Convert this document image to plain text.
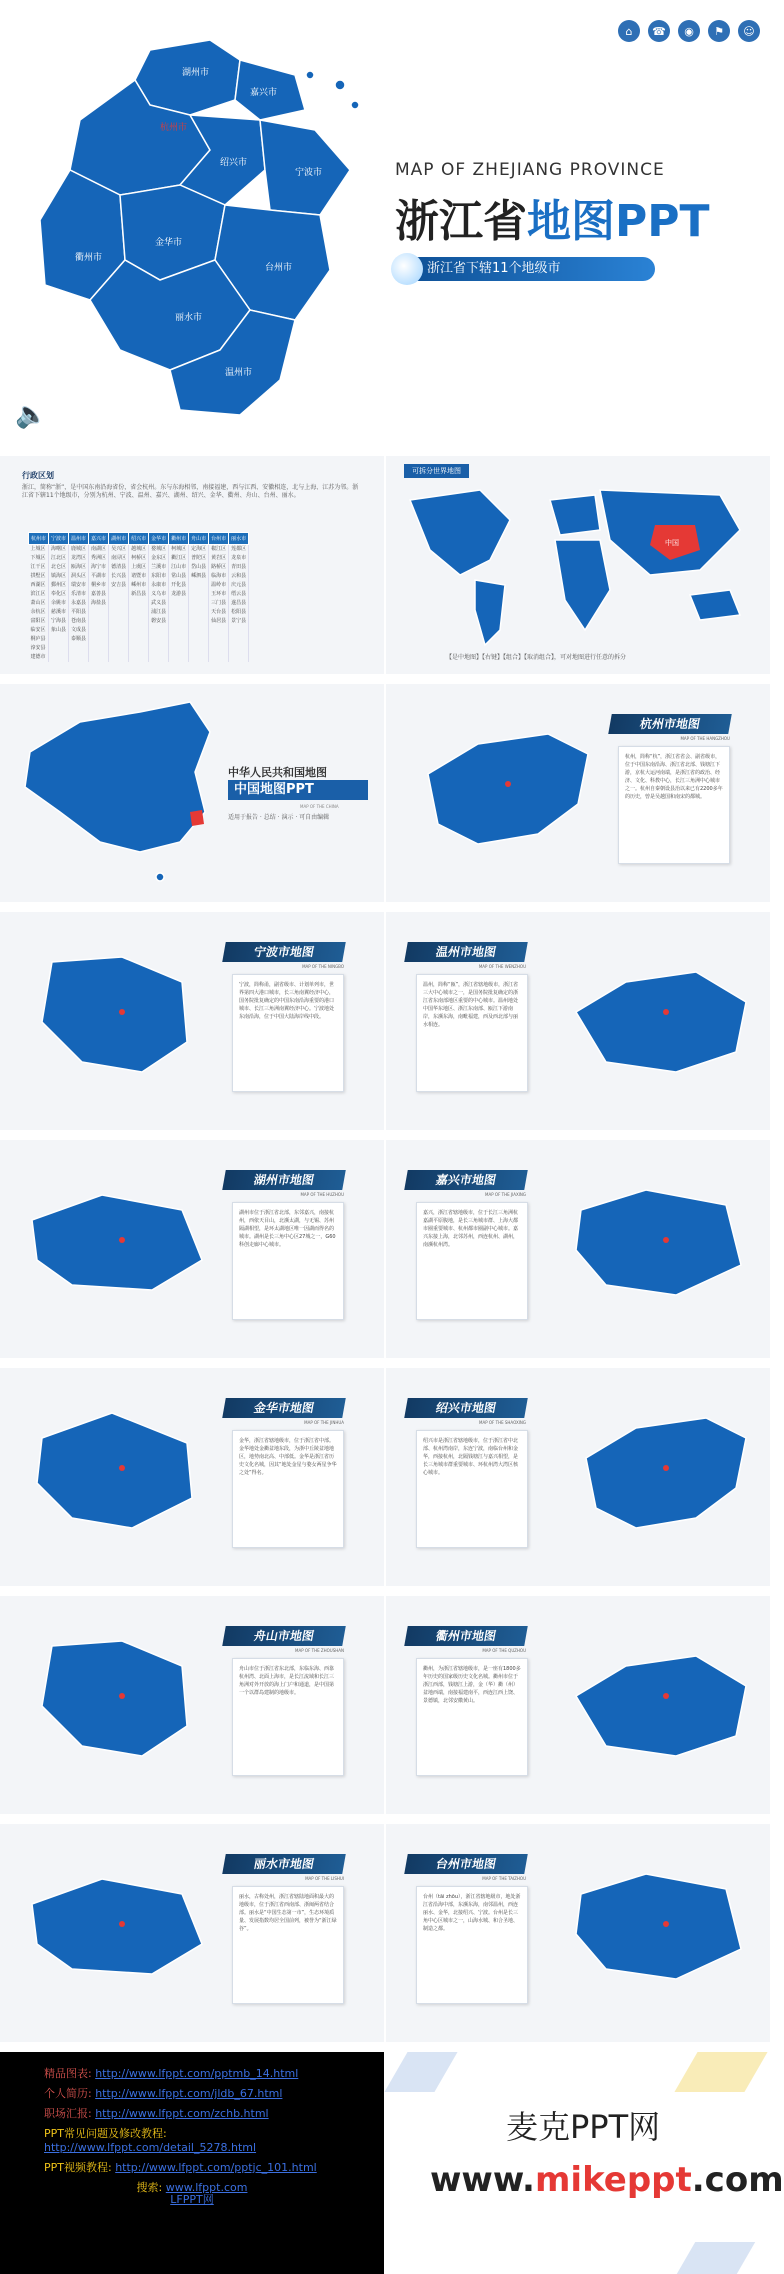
⌂	☎	◉	⚑	☺
湖州市
嘉兴市
杭州市
绍兴市
宁波市
衢州市
金华市
台州市
丽水市
温州市
MAP OF ZHEJIANG PROVINCE
浙江省地图PPT
浙江省下辖11个地级市
🔈
行政区划
浙江，简称“浙”，是中国东南沿海省份，省会杭州。东与东海相邻，南接福建，西与江西、安徽相连，北与上海、江苏为邻。浙江省下辖11个地级市，分别为杭州、宁波、温州、嘉兴、湖州、绍兴、金华、衢州、舟山、台州、丽水。
杭州市	宁波市	温州市	嘉兴市	湖州市	绍兴市	金华市	衢州市	舟山市	台州市	丽水市
上城区	海曙区	鹿城区	南湖区	吴兴区	越城区	婺城区	柯城区	定海区	椒江区	莲都区
下城区	江北区	龙湾区	秀洲区	南浔区	柯桥区	金东区	衢江区	普陀区	黄岩区	龙泉市
江干区	北仑区	瓯海区	海宁市	德清县	上虞区	兰溪市	江山市	岱山县	路桥区	青田县
拱墅区	镇海区	洞头区	平湖市	长兴县	诸暨市	东阳市	常山县	嵊泗县	临海市	云和县
西湖区	鄞州区	瑞安市	桐乡市	安吉县	嵊州市	永康市	开化县		温岭市	庆元县
滨江区	奉化区	乐清市	嘉善县		新昌县	义乌市	龙游县		玉环市	缙云县
萧山区	余姚市	永嘉县	海盐县			武义县			三门县	遂昌县
余杭区	慈溪市	平阳县				浦江县			天台县	松阳县
富阳区	宁海县	苍南县				磐安县			仙居县	景宁县
临安区	象山县	文成县								
桐庐县		泰顺县								
淳安县										
建德市										
可拆分世界地图
中国
【是中地图】【右键】【组合】【取消组合】，可对地图进行任意的拆分
中华人民共和国地图
中国地图PPT
MAP OF THE CHINA
适用于报告 · 总结 · 演示 · 可自由编辑
杭州市地图
MAP OF THE HANGZHOU
杭州，简称“杭”，浙江省省会、副省级市，位于中国东南沿海、浙江省北部、钱塘江下游，京杭大运河南端，是浙江省的政治、经济、文化、科教中心，长江三角洲中心城市之一。杭州自秦朝设县治以来已有2200多年的历史，曾是吴越国和南宋的都城。
宁波市地图
MAP OF THE NINGBO
宁波，简称甬，副省级市、计划单列市，世界第四大港口城市，长三角南翼经济中心，国务院批复确定的中国东南沿海重要的港口城市、长江三角洲南翼经济中心。宁波地处东南沿海，位于中国大陆海岸线中段。
温州市地图
MAP OF THE WENZHOU
温州，简称“瓯”，浙江省辖地级市，浙江省三大中心城市之一，是国务院批复确定的浙江省东南部地区重要的中心城市。温州地处中国华东地区、浙江东南部、瓯江下游南岸，东濒东海，南毗福建，西及西北部与丽水相连。
湖州市地图
MAP OF THE HUZHOU
湖州市位于浙江省北部，东邻嘉兴，南接杭州，西依天目山，北濒太湖，与无锡、苏州隔湖相望，是环太湖地区唯一因湖而得名的城市。湖州是长三角中心区27城之一，G60科创走廊中心城市。
嘉兴市地图
MAP OF THE JIAXING
嘉兴，浙江省辖地级市，位于长江三角洲杭嘉湖平原腹地，是长三角城市群、上海大都市圈重要城市、杭州都市圈副中心城市。嘉兴东接上海，北邻苏州，西连杭州、湖州，南濒杭州湾。
金华市地图
MAP OF THE JINHUA
金华，浙江省辖地级市，位于浙江省中部。金华地处金衢盆地东段，为浙中丘陵盆地地区，地势南北高、中部低。金华是浙江省历史文化名城，因其“地处金星与婺女两星争华之处”得名。
绍兴市地图
MAP OF THE SHAOXING
绍兴市是浙江省辖地级市，位于浙江省中北部、杭州湾南岸，东连宁波，南临台州和金华，西接杭州，北隔钱塘江与嘉兴相望，是长三角城市群重要城市、环杭州湾大湾区核心城市。
舟山市地图
MAP OF THE ZHOUSHAN
舟山市位于浙江省东北部，东临东海、西靠杭州湾、北面上海市，是长江流域和长江三角洲对外开放的海上门户和通道，是中国第一个以群岛建制的地级市。
衢州市地图
MAP OF THE QUZHOU
衢州，为浙江省辖地级市，是一座有1800多年历史的国家级历史文化名城。衢州市位于浙江西部，钱塘江上游，金（华）衢（州）盆地西端，南接福建南平，西连江西上饶、景德镇，北邻安徽黄山。
丽水市地图
MAP OF THE LISHUI
丽水，古称处州，浙江省辖陆地面积最大的地级市，位于浙江省西南部、浙闽两省结合部。丽水是“中国生态第一市”，生态环境质量、发展指数均居全国前列，被誉为“浙江绿谷”。
台州市地图
MAP OF THE TAIZHOU
台州（tāi zhōu），浙江省辖地级市，地处浙江省沿海中部，东濒东海，南邻温州，西连丽水、金华，北接绍兴、宁波。台州是长三角中心区城市之一，山海水城、和合圣地、制造之都。
精品图表: http://www.lfppt.com/pptmb_14.html
个人简历: http://www.lfppt.com/jldb_67.html
职场汇报: http://www.lfppt.com/zchb.html
PPT常见问题及修改教程:
http://www.lfppt.com/detail_5278.html
PPT视频教程: http://www.lfppt.com/pptjc_101.html
搜索: www.lfppt.com
LFPPT网
麦克PPT网
www.mikeppt.com
